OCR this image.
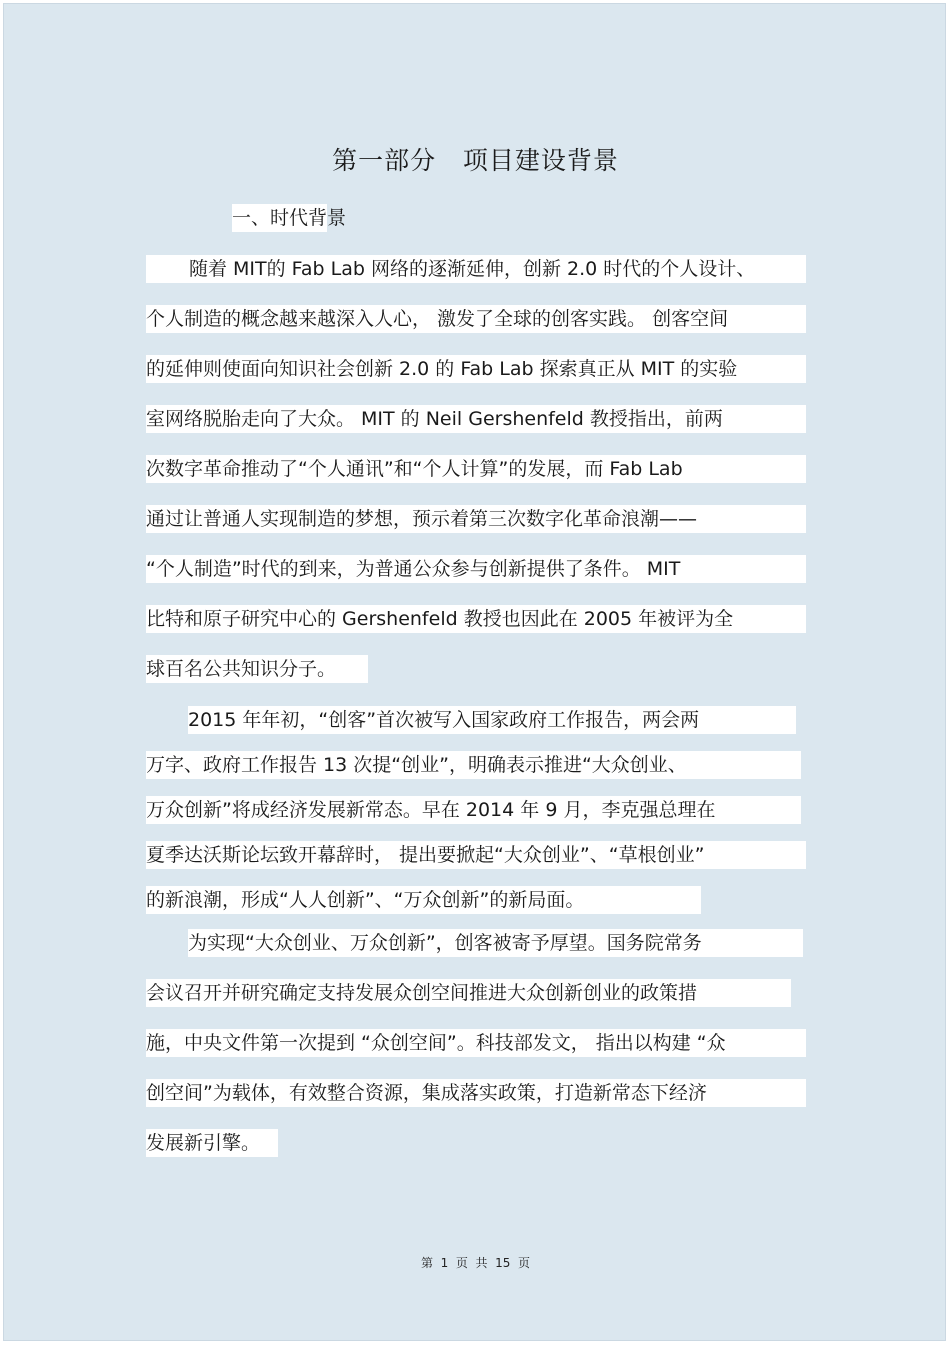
第一部分   项目建设背景
一、时代背景
随着 MIT的 Fab Lab 网络的逐渐延伸，创新 2.0 时代的个人设计、
个人制造的概念越来越深入人心， 激发了全球的创客实践。 创客空间
的延伸则使面向知识社会创新 2.0 的 Fab Lab 探索真正从 MIT 的实验
室网络脱胎走向了大众。 MIT 的 Neil Gershenfeld 教授指出，前两
次数字革命推动了“个人通讯”和“个人计算”的发展，而 Fab Lab
通过让普通人实现制造的梦想，预示着第三次数字化革命浪潮——
“个人制造”时代的到来，为普通公众参与创新提供了条件。 MIT
比特和原子研究中心的 Gershenfeld 教授也因此在 2005 年被评为全
球百名公共知识分子。
2015 年年初，“创客”首次被写入国家政府工作报告，两会两
万字、政府工作报告 13 次提“创业”，明确表示推进“大众创业、
万众创新”将成经济发展新常态。早在 2014 年 9 月，李克强总理在
夏季达沃斯论坛致开幕辞时， 提出要掀起“大众创业”、“草根创业”
的新浪潮，形成“人人创新”、“万众创新”的新局面。
为实现“大众创业、万众创新”，创客被寄予厚望。国务院常务
会议召开并研究确定支持发展众创空间推进大众创新创业的政策措
施，中央文件第一次提到 “众创空间”。科技部发文， 指出以构建 “众
创空间”为载体，有效整合资源，集成落实政策，打造新常态下经济
发展新引擎。
第  1  页  共  15  页
